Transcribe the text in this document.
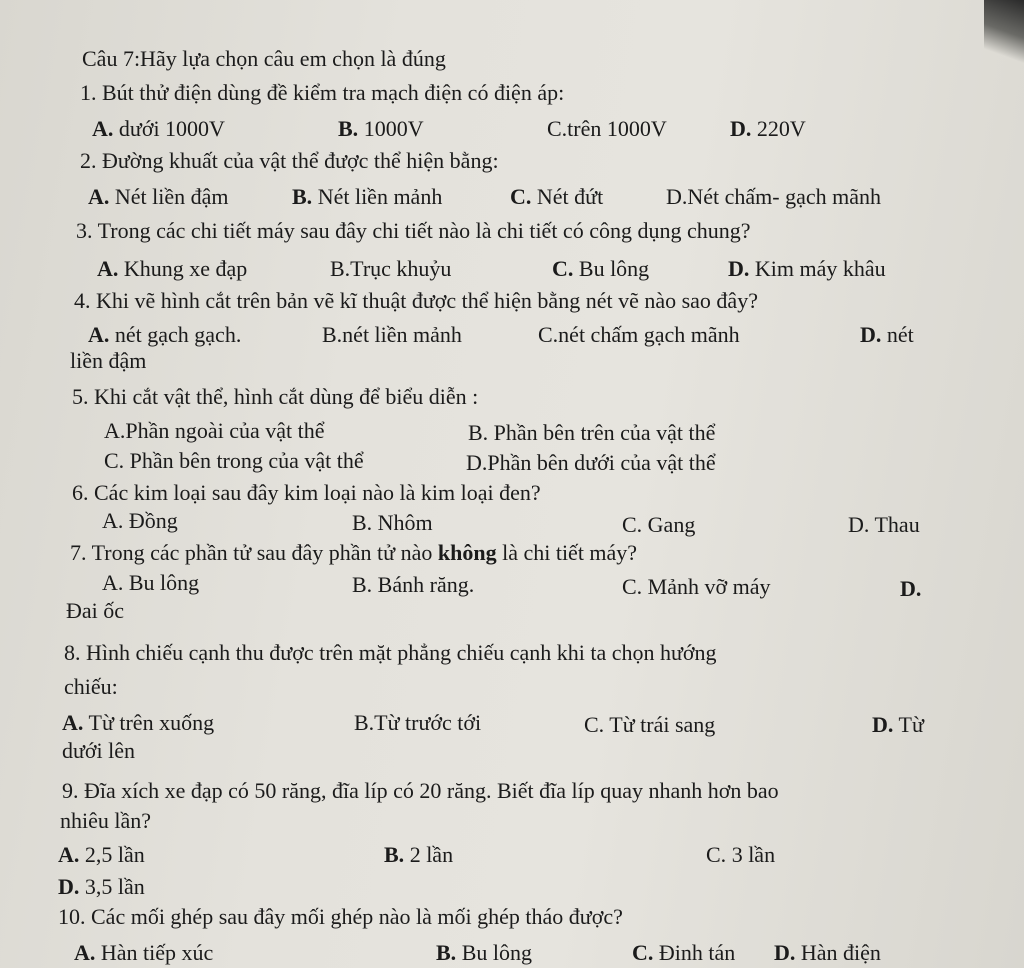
Câu 7:Hãy lựa chọn câu em chọn là đúng
1. Bút thử điện dùng đề kiểm tra mạch điện có điện áp:
A. dưới 1000V	B. 1000V	C.trên 1000V	D. 220V
2. Đường khuất của vật thể được thể hiện bằng:
A. Nét liền đậm	B. Nét liền mảnh	C. Nét đứt	D.Nét chấm- gạch mãnh
3. Trong các chi tiết máy sau đây chi tiết nào là chi tiết có công dụng chung?
A. Khung xe đạp	B.Trục khuỷu	C. Bu lông	D. Kim máy khâu
4. Khi vẽ hình cắt trên bản vẽ kĩ thuật được thể hiện bằng nét vẽ nào sao đây?
A. nét gạch gạch.	B.nét liền mảnh	C.nét chấm gạch mãnh	D. nét
liền đậm
5. Khi cắt vật thể, hình cắt dùng để biểu diễn :
A.Phần ngoài của vật thể	B. Phần bên trên của vật thể
C. Phần bên trong của vật thể	D.Phần bên dưới của vật thể
6. Các kim loại sau đây kim loại nào là kim loại đen?
A. Đồng	B. Nhôm	C. Gang	D. Thau
7. Trong các phần tử sau đây phần tử nào không là chi tiết máy?
A. Bu lông	B. Bánh răng.	C. Mảnh vỡ máy	D.
Đai ốc
8. Hình chiếu cạnh thu được trên mặt phẳng chiếu cạnh khi ta chọn hướng
chiếu:
A. Từ trên xuống	B.Từ trước tới	C. Từ trái sang	D. Từ
dưới lên
9. Đĩa xích xe đạp có 50 răng, đĩa líp có 20 răng. Biết đĩa líp quay nhanh hơn bao
nhiêu lần?
A. 2,5 lần	B. 2 lần	C. 3 lần
D. 3,5 lần
10. Các mối ghép sau đây mối ghép nào là mối ghép tháo được?
A. Hàn tiếp xúc	B. Bu lông	C. Đinh tán D. Hàn điện
